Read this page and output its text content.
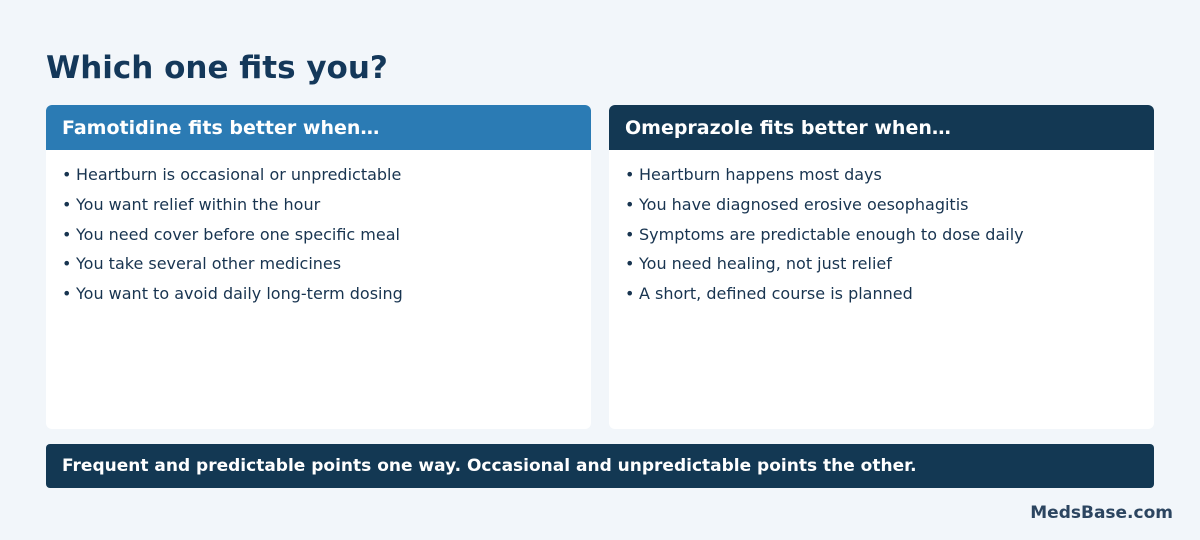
Which one fits you?
Famotidine fits better when…
• Heartburn is occasional or unpredictable
• You want relief within the hour
• You need cover before one specific meal
• You take several other medicines
• You want to avoid daily long-term dosing
Omeprazole fits better when…
• Heartburn happens most days
• You have diagnosed erosive oesophagitis
• Symptoms are predictable enough to dose daily
• You need healing, not just relief
• A short, defined course is planned
Frequent and predictable points one way. Occasional and unpredictable points the other.
MedsBase.com
